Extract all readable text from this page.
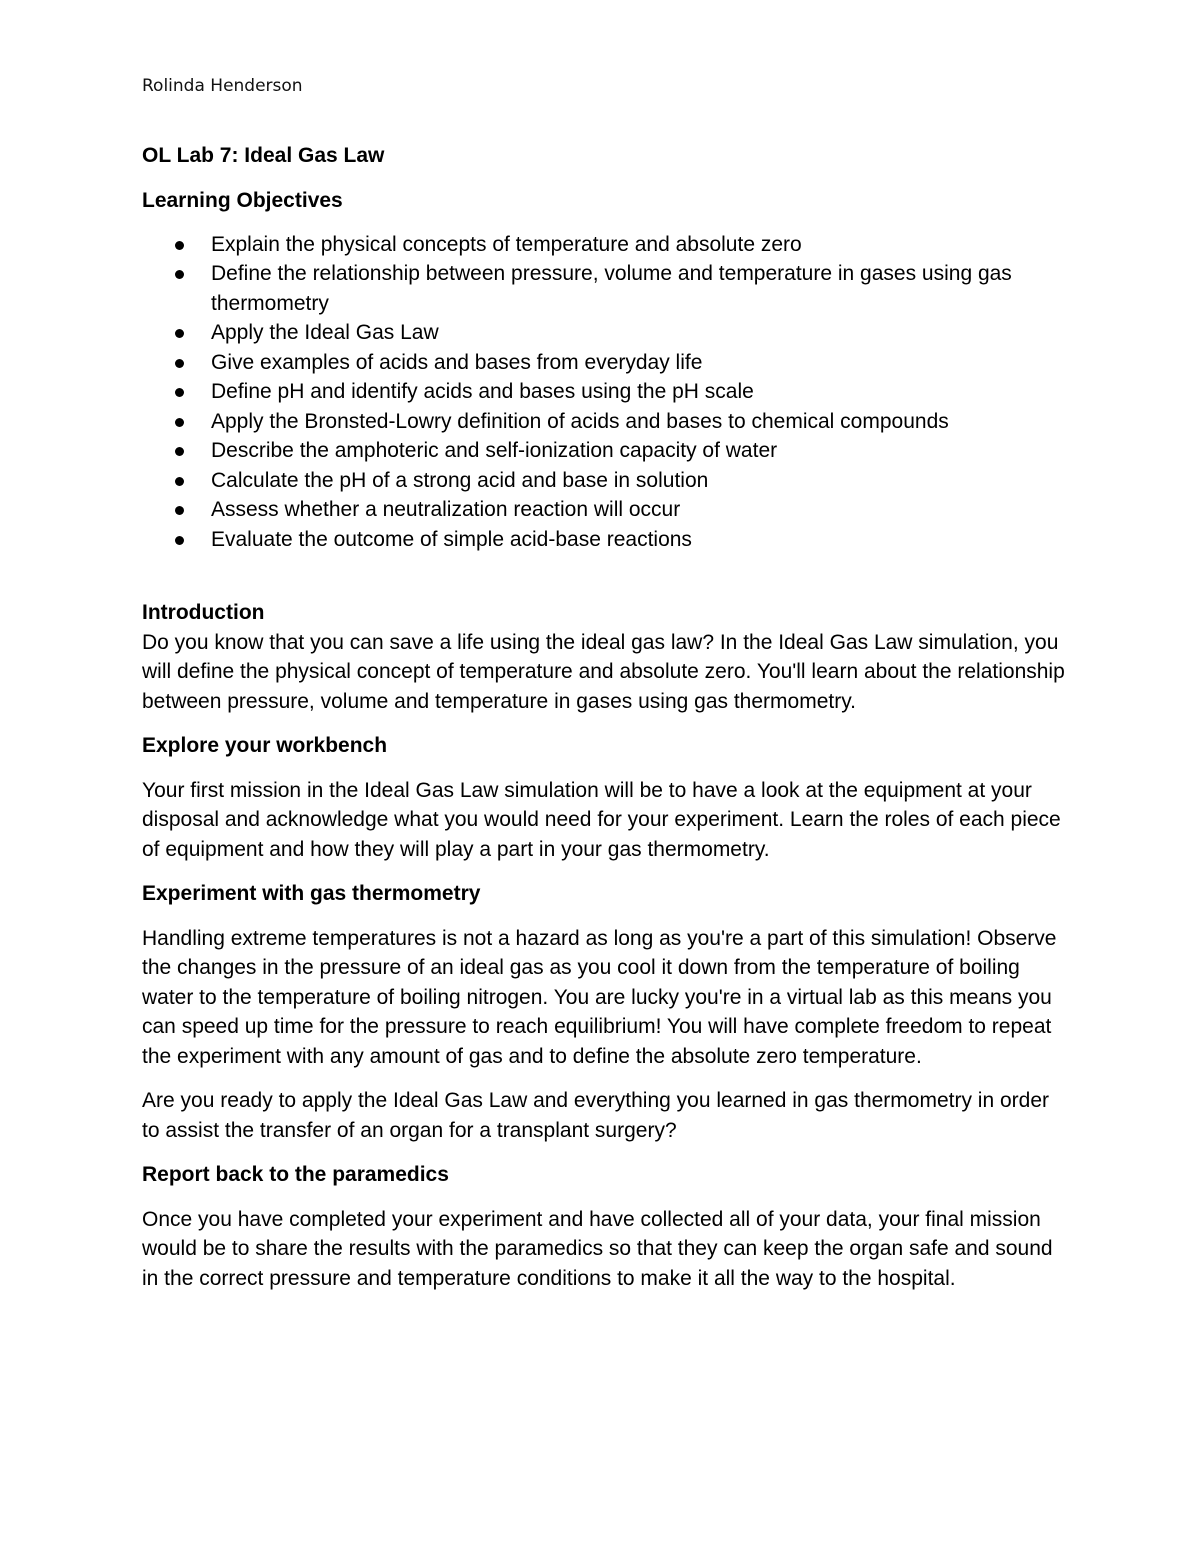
Rolinda Henderson
OL Lab 7: Ideal Gas Law
Learning Objectives
Explain the physical concepts of temperature and absolute zero
Define the relationship between pressure, volume and temperature in gases using gas thermometry
Apply the Ideal Gas Law
Give examples of acids and bases from everyday life
Define pH and identify acids and bases using the pH scale
Apply the Bronsted-Lowry definition of acids and bases to chemical compounds
Describe the amphoteric and self-ionization capacity of water
Calculate the pH of a strong acid and base in solution
Assess whether a neutralization reaction will occur
Evaluate the outcome of simple acid-base reactions
Introduction

Do you know that you can save a life using the ideal gas law? In the Ideal Gas Law simulation, you will define the physical concept of temperature and absolute zero. You'll learn about the relationship between pressure, volume and temperature in gases using gas thermometry.

Explore your workbench

Your first mission in the Ideal Gas Law simulation will be to have a look at the equipment at your disposal and acknowledge what you would need for your experiment. Learn the roles of each piece of equipment and how they will play a part in your gas thermometry.

Experiment with gas thermometry

Handling extreme temperatures is not a hazard as long as you're a part of this simulation! Observe the changes in the pressure of an ideal gas as you cool it down from the temperature of boiling water to the temperature of boiling nitrogen. You are lucky you're in a virtual lab as this means you can speed up time for the pressure to reach equilibrium! You will have complete freedom to repeat the experiment with any amount of gas and to define the absolute zero temperature.

Are you ready to apply the Ideal Gas Law and everything you learned in gas thermometry in order to assist the transfer of an organ for a transplant surgery?

Report back to the paramedics

Once you have completed your experiment and have collected all of your data, your final mission would be to share the results with the paramedics so that they can keep the organ safe and sound in the correct pressure and temperature conditions to make it all the way to the hospital.
